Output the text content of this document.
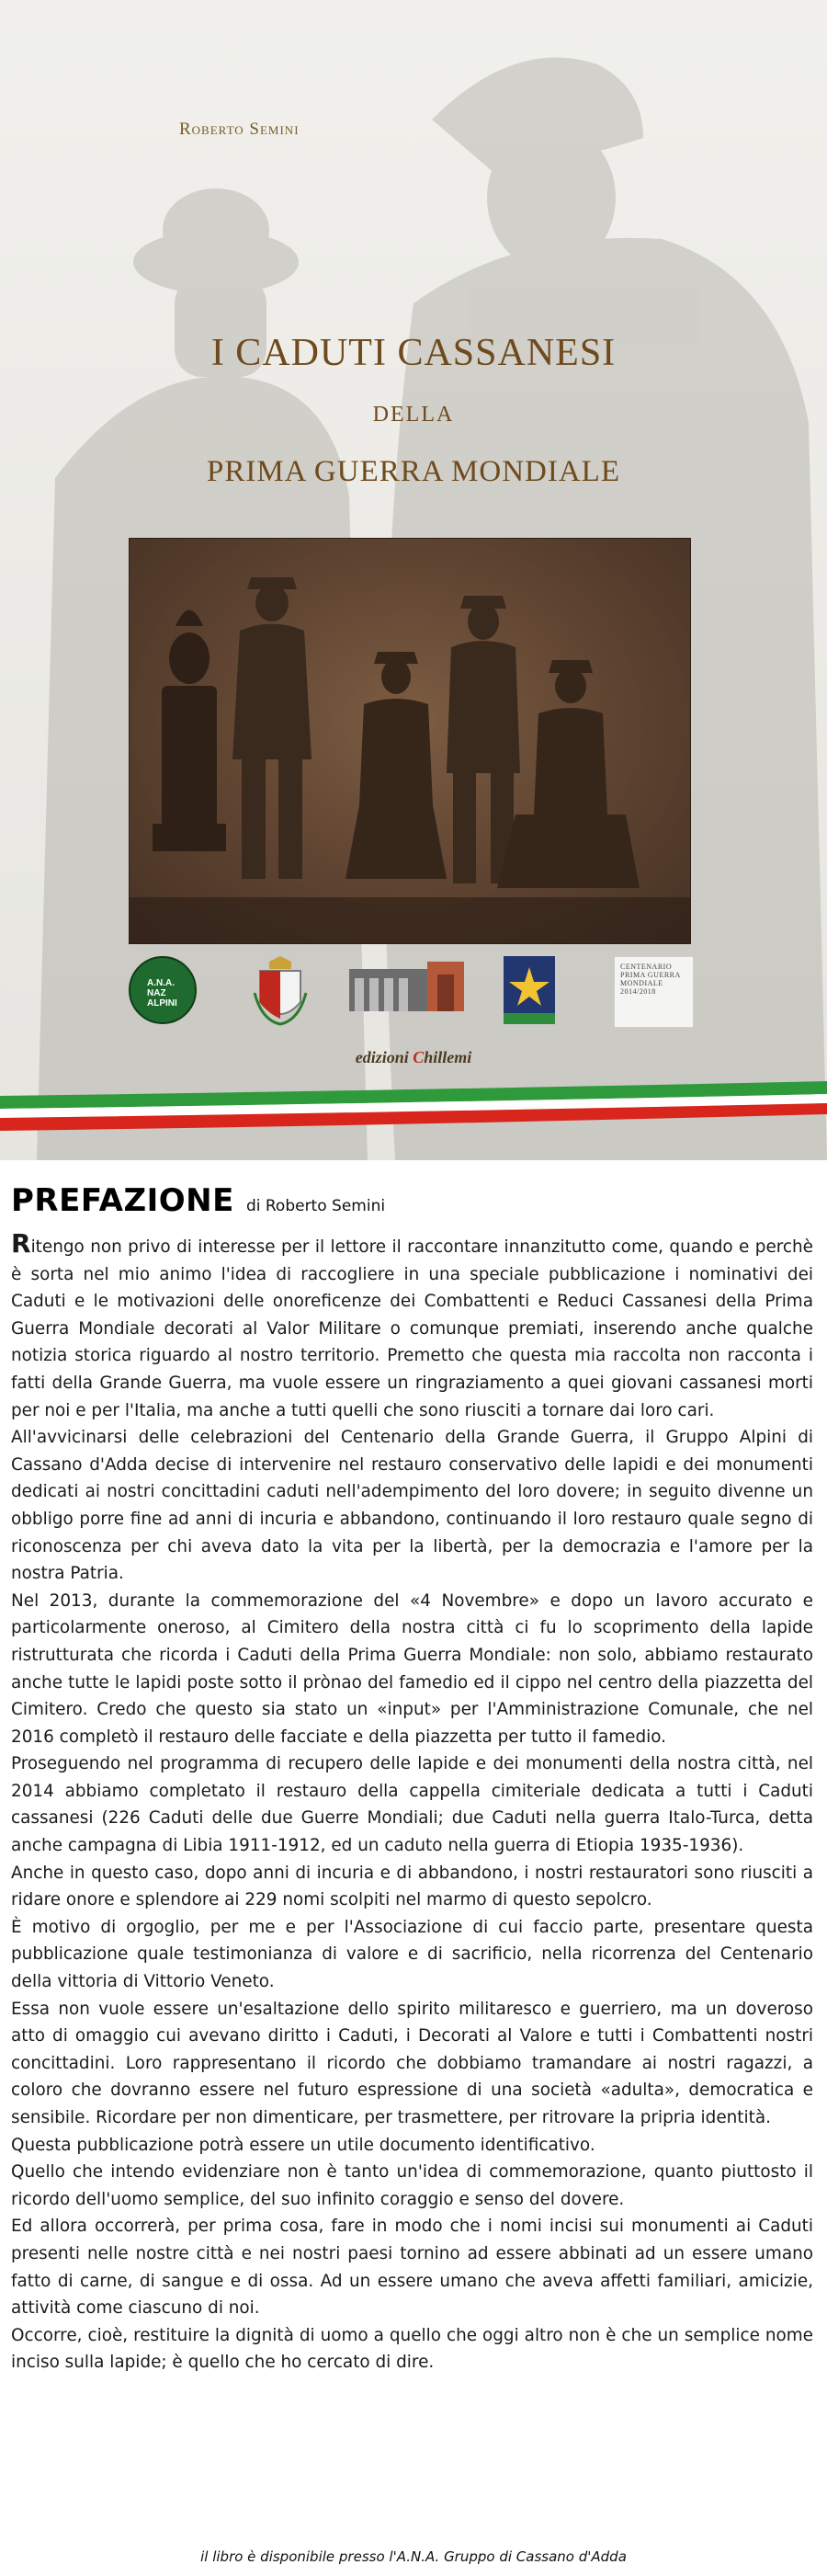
Roberto Semini
I CADUTI CASSANESI
DELLA
PRIMA GUERRA MONDIALE
A.N.A. NAZ ALPINI
CENTENARIO PRIMA GUERRA MONDIALE 2014/2018
edizioni Chillemi
PREFAZIONE di Roberto Semini

Ritengo non privo di interesse per il lettore il raccontare innanzitutto come, quando e perchè è sorta nel mio animo l'idea di raccogliere in una speciale pubblicazione i nominativi dei Caduti e le motivazioni delle onoreficenze dei Combattenti e Reduci Cassanesi della Prima Guerra Mondiale decorati al Valor Militare o comunque premiati, inserendo anche qualche notizia storica riguardo al nostro territorio. Premetto che questa mia raccolta non racconta i fatti della Grande Guerra, ma vuole essere un ringraziamento a quei giovani cassanesi morti per noi e per l'Italia, ma anche a tutti quelli che sono riusciti a tornare dai loro cari.

All'avvicinarsi delle celebrazioni del Centenario della Grande Guerra, il Gruppo Alpini di Cassano d'Adda decise di intervenire nel restauro conservativo delle lapidi e dei monumenti dedicati ai nostri concittadini caduti nell'adempimento del loro dovere; in seguito divenne un obbligo porre fine ad anni di incuria e abbandono, continuando il loro restauro quale segno di riconoscenza per chi aveva dato la vita per la libertà, per la democrazia e l'amore per la nostra Patria.

Nel 2013, durante la commemorazione del «4 Novembre» e dopo un lavoro accurato e particolarmente oneroso, al Cimitero della nostra città ci fu lo scoprimento della lapide ristrutturata che ricorda i Caduti della Prima Guerra Mondiale: non solo, abbiamo restaurato anche tutte le lapidi poste sotto il prònao del famedio ed il cippo nel centro della piazzetta del Cimitero. Credo che questo sia stato un «input» per l'Amministrazione Comunale, che nel 2016 completò il restauro delle facciate e della piazzetta per tutto il famedio.

Proseguendo nel programma di recupero delle lapide e dei monumenti della nostra città, nel 2014 abbiamo completato il restauro della cappella cimiteriale dedicata a tutti i Caduti cassanesi (226 Caduti delle due Guerre Mondiali; due Caduti nella guerra Italo-Turca, detta anche campagna di Libia 1911-1912, ed un caduto nella guerra di Etiopia 1935-1936).

Anche in questo caso, dopo anni di incuria e di abbandono, i nostri restauratori sono riusciti a ridare onore e splendore ai 229 nomi scolpiti nel marmo di questo sepolcro.

È motivo di orgoglio, per me e per l'Associazione di cui faccio parte, presentare questa pubblicazione quale testimonianza di valore e di sacrificio, nella ricorrenza del Centenario della vittoria di Vittorio Veneto.

Essa non vuole essere un'esaltazione dello spirito militaresco e guerriero, ma un doveroso atto di omaggio cui avevano diritto i Caduti, i Decorati al Valore e tutti i Combattenti nostri concittadini. Loro rappresentano il ricordo che dobbiamo tramandare ai nostri ragazzi, a coloro che dovranno essere nel futuro espressione di una società «adulta», democratica e sensibile. Ricordare per non dimenticare, per trasmettere, per ritrovare la pripria identità.

Questa pubblicazione potrà essere un utile documento identificativo.

Quello che intendo evidenziare non è tanto un'idea di commemorazione, quanto piuttosto il ricordo dell'uomo semplice, del suo infinito coraggio e senso del dovere.

Ed allora occorrerà, per prima cosa, fare in modo che i nomi incisi sui monumenti ai Caduti presenti nelle nostre città e nei nostri paesi tornino ad essere abbinati ad un essere umano fatto di carne, di sangue e di ossa. Ad un essere umano che aveva affetti familiari, amicizie, attività come ciascuno di noi.

Occorre, cioè, restituire la dignità di uomo a quello che oggi altro non è che un semplice nome inciso sulla lapide; è quello che ho cercato di dire.

il libro è disponibile presso l'A.N.A. Gruppo di Cassano d'Adda
